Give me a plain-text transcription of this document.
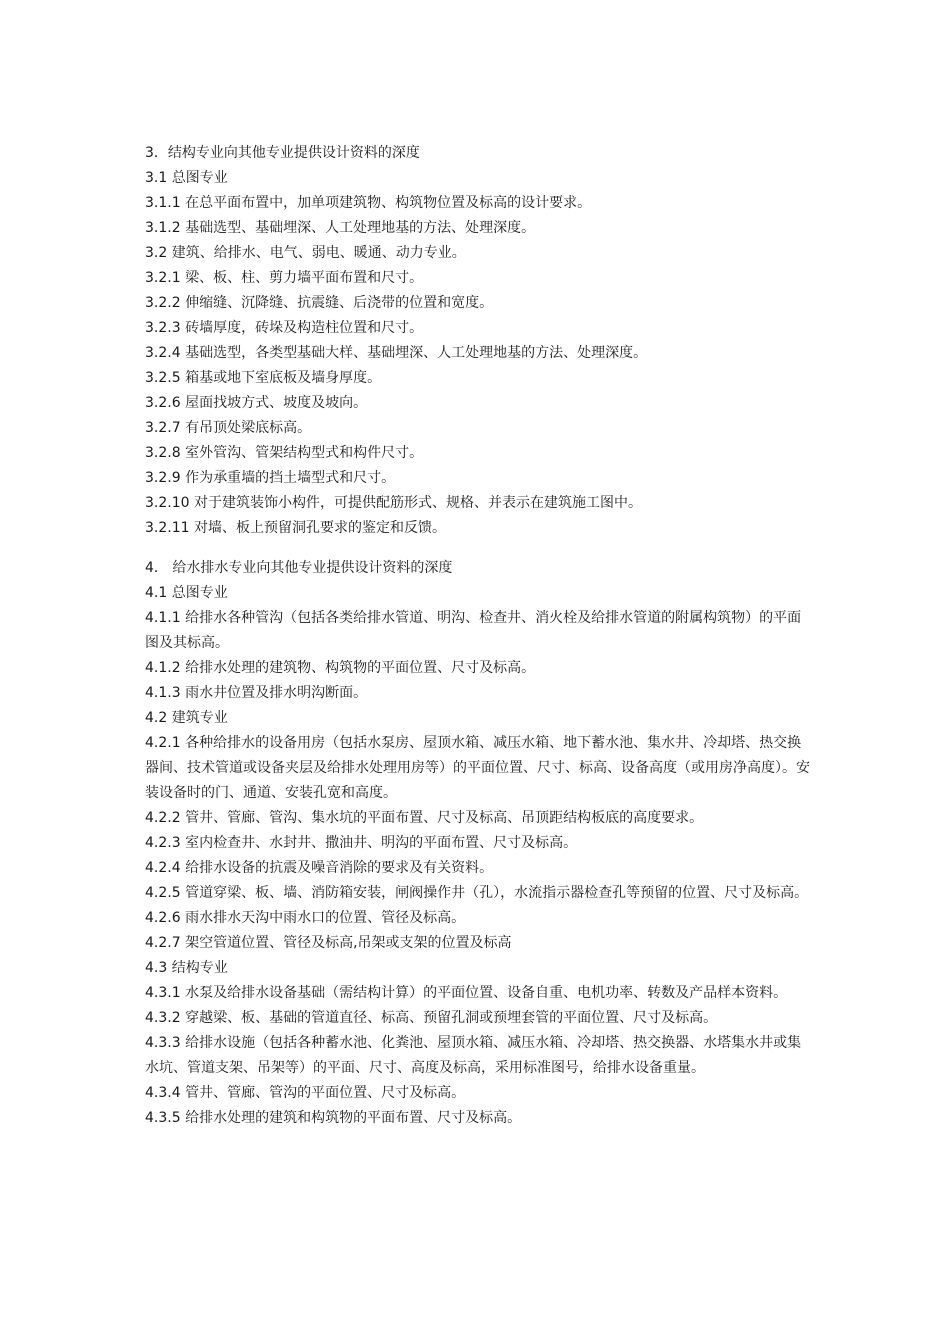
3．结构专业向其他专业提供设计资料的深度

3.1 总图专业

3.1.1 在总平面布置中，加单项建筑物、构筑物位置及标高的设计要求。

3.1.2 基础选型、基础埋深、人工处理地基的方法、处理深度。

3.2 建筑、给排水、电气、弱电、暖通、动力专业。

3.2.1 梁、板、柱、剪力墙平面布置和尺寸。

3.2.2 伸缩缝、沉降缝、抗震缝、后浇带的位置和宽度。

3.2.3 砖墙厚度，砖垛及构造柱位置和尺寸。

3.2.4 基础选型，各类型基础大样、基础埋深、人工处理地基的方法、处理深度。

3.2.5 箱基或地下室底板及墙身厚度。

3.2.6 屋面找坡方式、坡度及坡向。

3.2.7 有吊顶处梁底标高。

3.2.8 室外管沟、管架结构型式和构件尺寸。

3.2.9 作为承重墙的挡土墙型式和尺寸。

3.2.10 对于建筑装饰小构件，可提供配筋形式、规格、并表示在建筑施工图中。

3.2.11 对墙、板上预留洞孔要求的鉴定和反馈。

4． 给水排水专业向其他专业提供设计资料的深度

4.1 总图专业

4.1.1 给排水各种管沟（包括各类给排水管道、明沟、检查井、消火栓及给排水管道的附属构筑物）的平面图及其标高。

4.1.2 给排水处理的建筑物、构筑物的平面位置、尺寸及标高。

4.1.3 雨水井位置及排水明沟断面。

4.2 建筑专业

4.2.1 各种给排水的设备用房（包括水泵房、屋顶水箱、减压水箱、地下蓄水池、集水井、冷却塔、热交换器间、技术管道或设备夹层及给排水处理用房等）的平面位置、尺寸、标高、设备高度（或用房净高度）。安装设备时的门、通道、安装孔宽和高度。

4.2.2 管井、管廊、管沟、集水坑的平面布置、尺寸及标高、吊顶距结构板底的高度要求。

4.2.3 室内检查井、水封井、撒油井、明沟的平面布置、尺寸及标高。

4.2.4 给排水设备的抗震及噪音消除的要求及有关资料。

4.2.5 管道穿梁、板、墙、消防箱安装，闸阀操作井（孔），水流指示器检查孔等预留的位置、尺寸及标高。

4.2.6 雨水排水天沟中雨水口的位置、管径及标高。

4.2.7 架空管道位置、管径及标高,吊架或支架的位置及标高

4.3 结构专业

4.3.1 水泵及给排水设备基础（需结构计算）的平面位置、设备自重、电机功率、转数及产品样本资料。

4.3.2 穿越梁、板、基础的管道直径、标高、预留孔洞或预埋套管的平面位置、尺寸及标高。

4.3.3 给排水设施（包括各种蓄水池、化粪池、屋顶水箱、减压水箱、冷却塔、热交换器、水塔集水井或集水坑、管道支架、吊架等）的平面、尺寸、高度及标高，采用标准图号，给排水设备重量。

4.3.4 管井、管廊、管沟的平面位置、尺寸及标高。

4.3.5 给排水处理的建筑和构筑物的平面布置、尺寸及标高。
